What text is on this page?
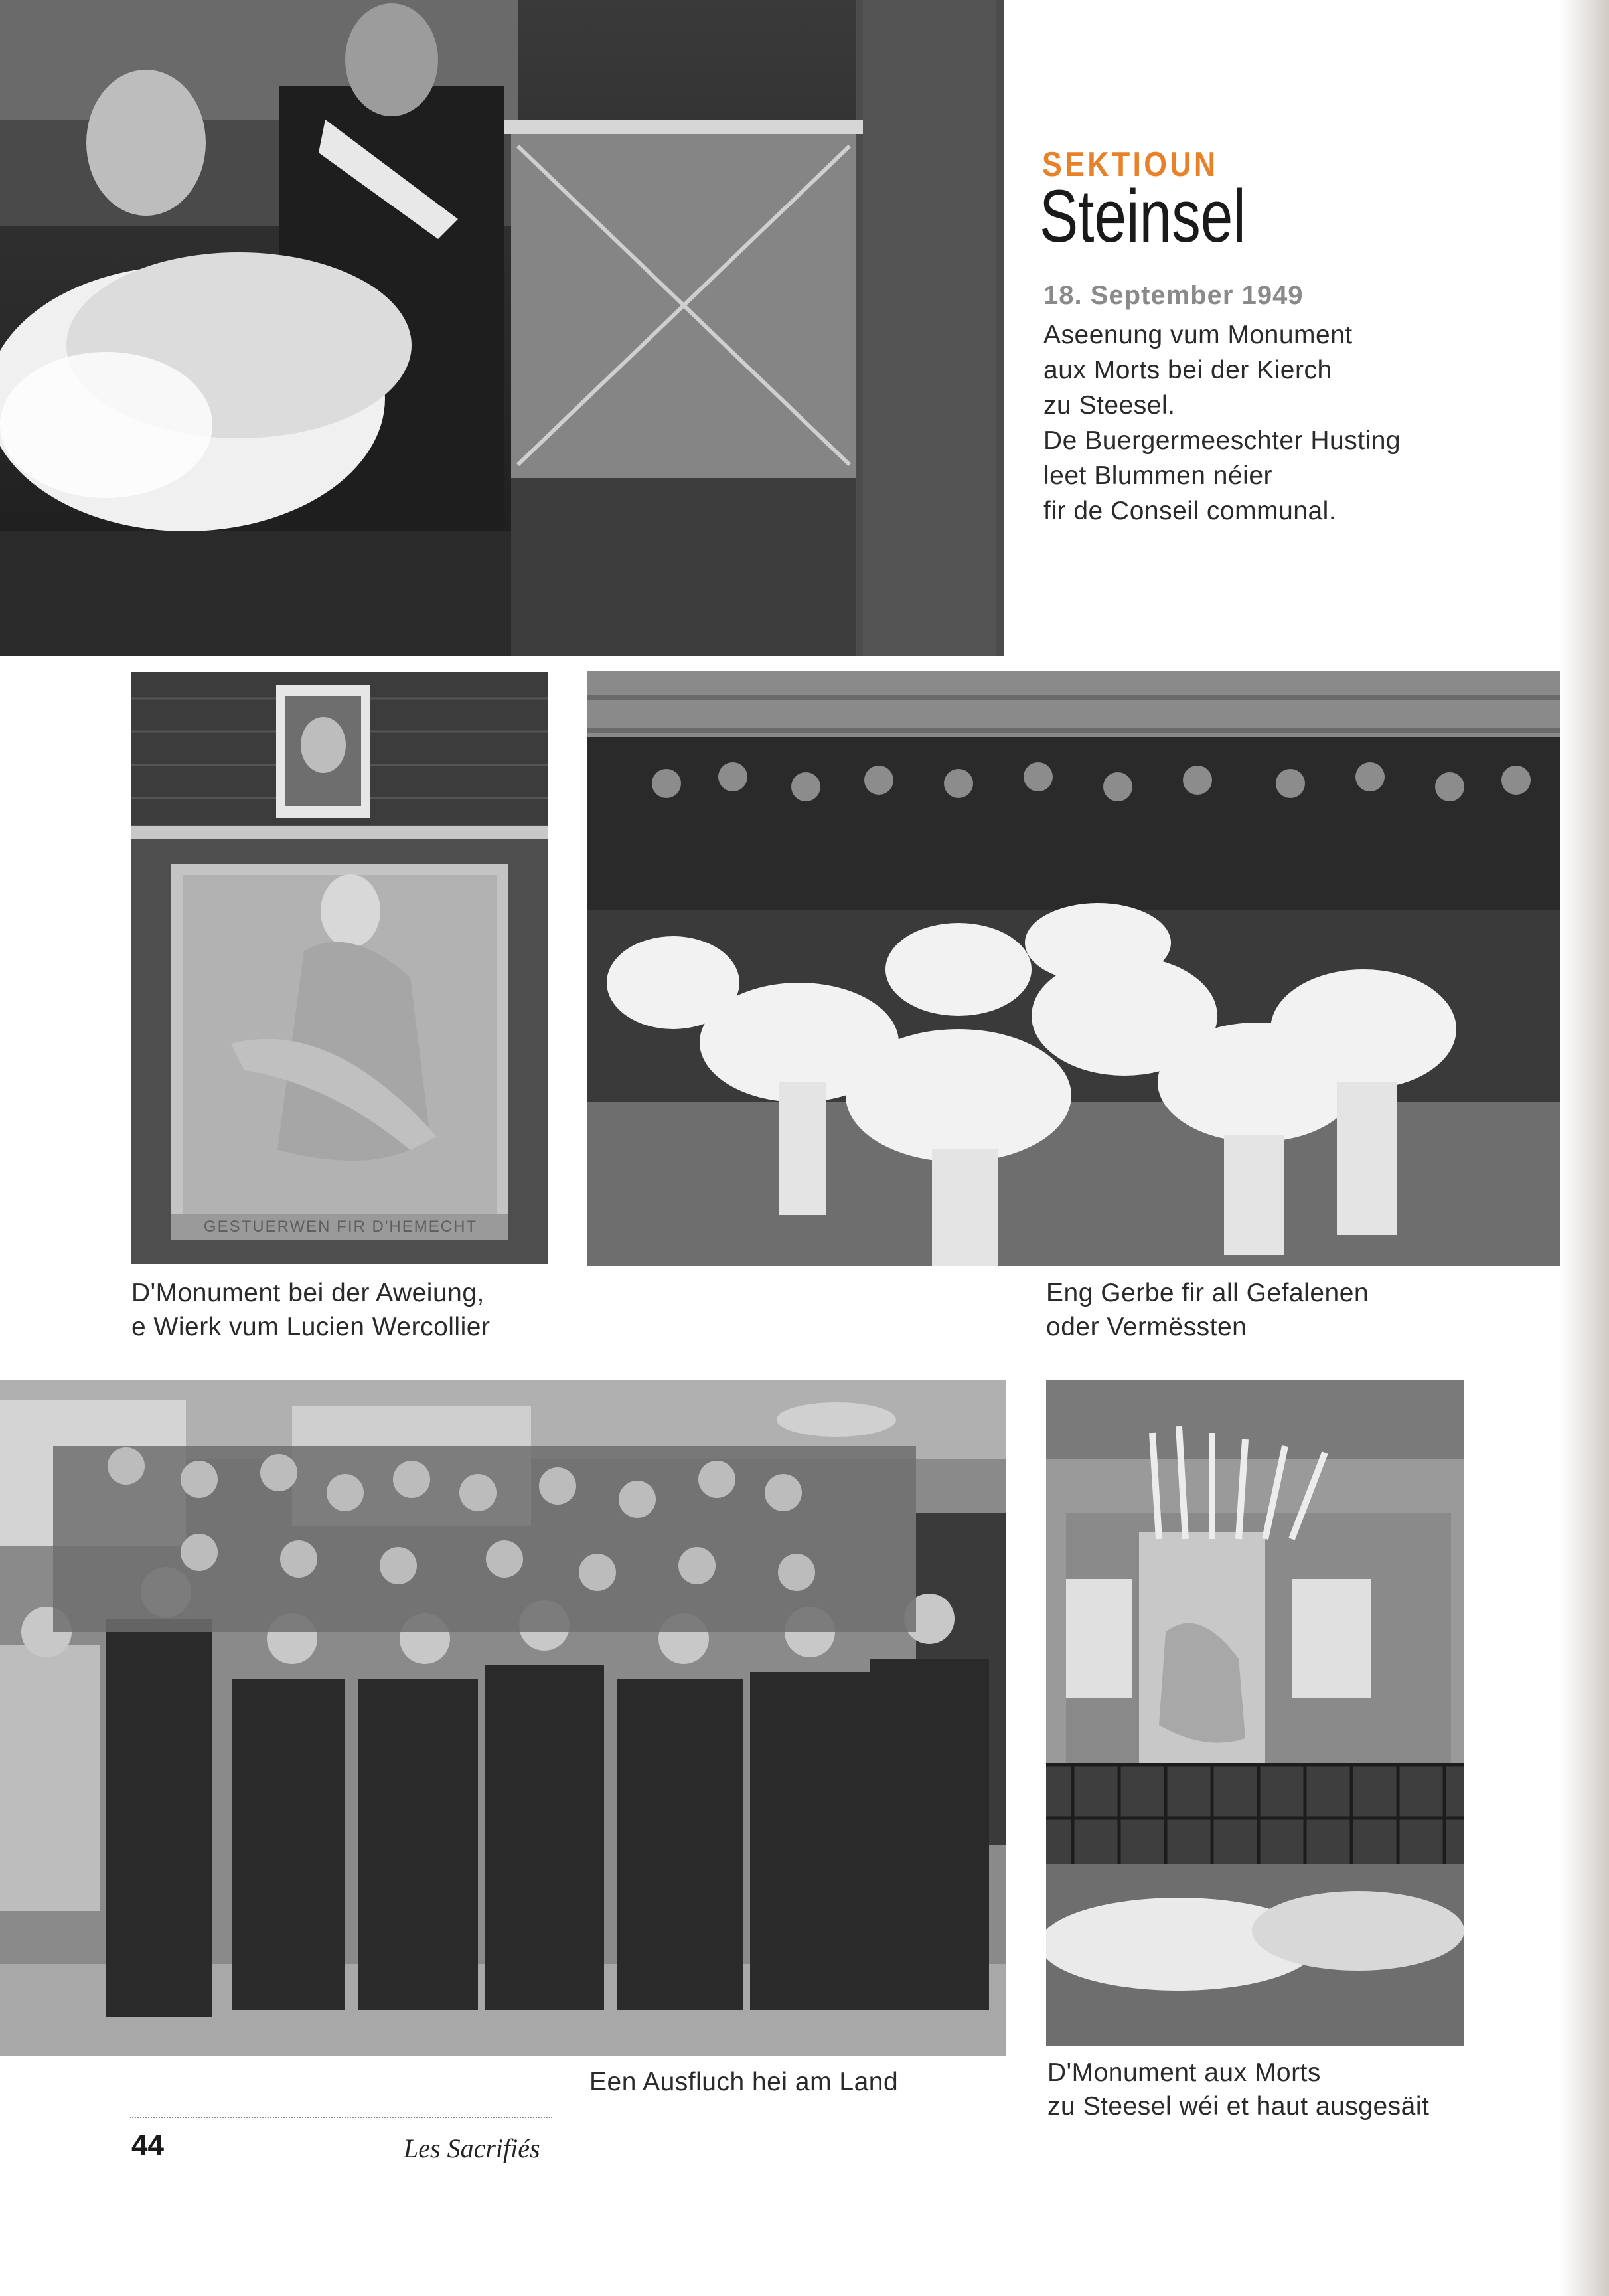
SEKTIOUN
Steinsel
18. September 1949
Aseenung vum Monument
aux Morts bei der Kierch
zu Steesel.
De Buergermeeschter Husting
leet Blummen néier
fir de Conseil communal.
GESTUERWEN FIR D'HEMECHT
D'Monument bei der Aweiung,
e Wierk vum Lucien Wercollier
Eng Gerbe fir all Gefalenen
oder Vermëssten
Een Ausfluch hei am Land	D'Monument aux Morts
zu Steesel wéi et haut ausgesäit
44	Les Sacrifiés
